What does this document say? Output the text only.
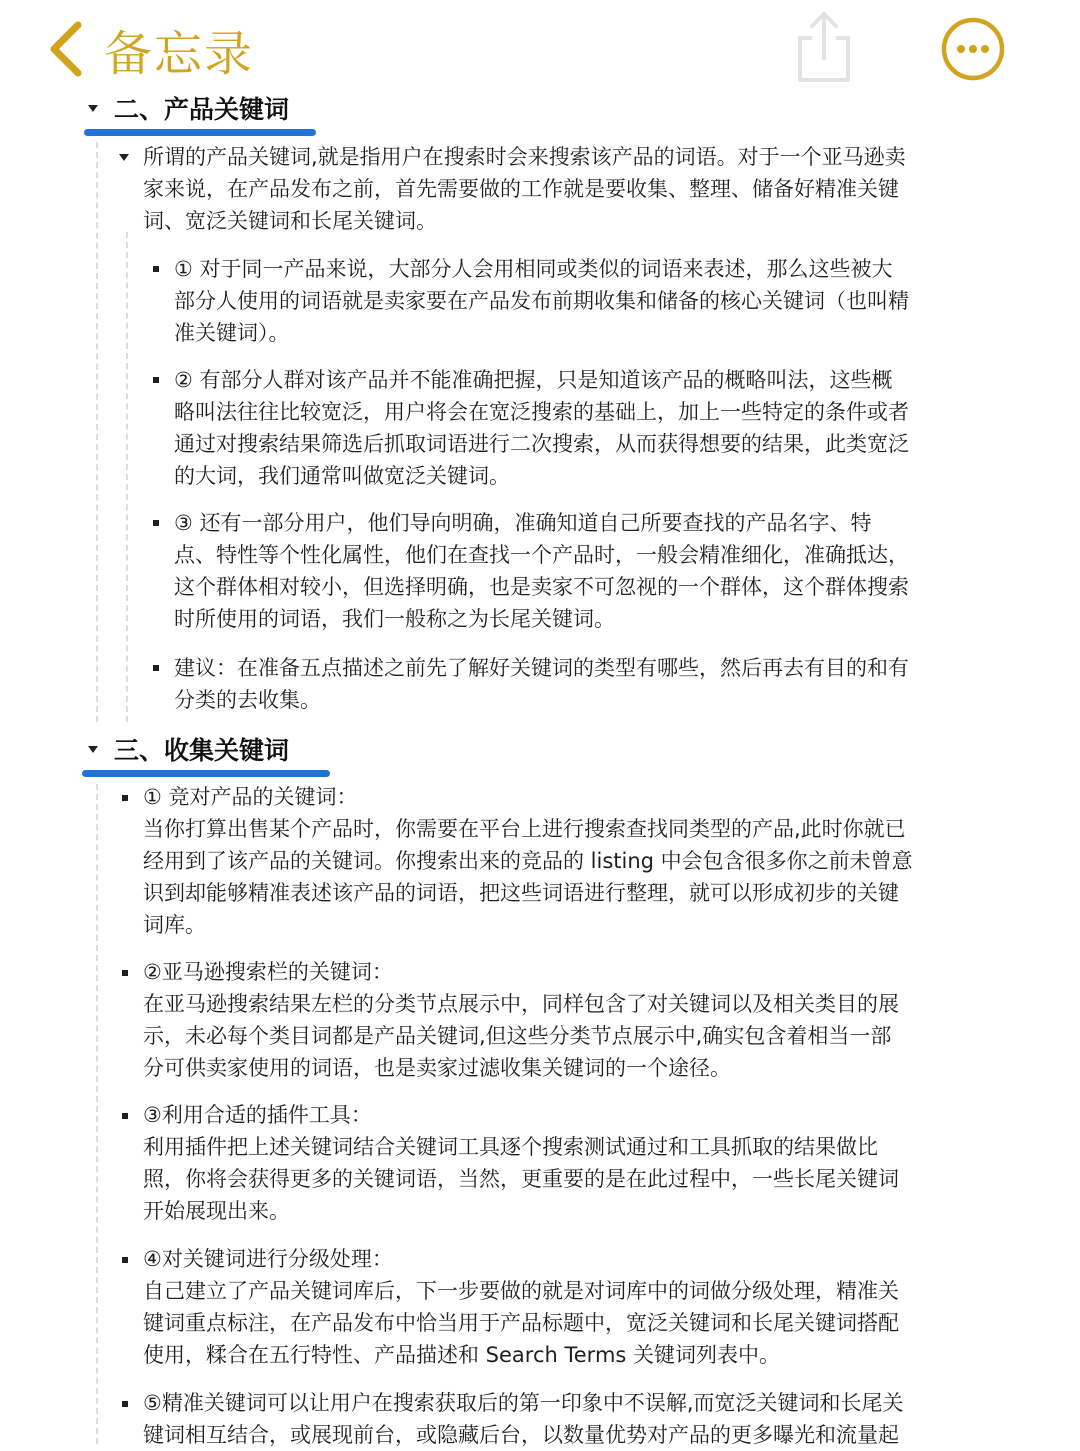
二、产品关键词
所谓的产品关键词,就是指用户在搜索时会来搜索该产品的词语。对于一个亚马逊卖
家来说，在产品发布之前，首先需要做的工作就是要收集、整理、储备好精准关键
词、宽泛关键词和长尾关键词。
① 对于同一产品来说，大部分人会用相同或类似的词语来表述，那么这些被大
部分人使用的词语就是卖家要在产品发布前期收集和储备的核心关键词（也叫精
准关键词）。
② 有部分人群对该产品并不能准确把握，只是知道该产品的概略叫法，这些概
略叫法往往比较宽泛，用户将会在宽泛搜索的基础上，加上一些特定的条件或者
通过对搜索结果筛选后抓取词语进行二次搜索，从而获得想要的结果，此类宽泛
的大词，我们通常叫做宽泛关键词。
③ 还有一部分用户，他们导向明确，准确知道自己所要查找的产品名字、特
点、特性等个性化属性，他们在查找一个产品时，一般会精准细化，准确抵达，
这个群体相对较小，但选择明确，也是卖家不可忽视的一个群体，这个群体搜索
时所使用的词语，我们一般称之为长尾关键词。
建议：在准备五点描述之前先了解好关键词的类型有哪些，然后再去有目的和有
分类的去收集。
三、收集关键词
① 竞对产品的关键词：
当你打算出售某个产品时，你需要在平台上进行搜索查找同类型的产品,此时你就已
经用到了该产品的关键词。你搜索出来的竞品的 listing 中会包含很多你之前未曾意
识到却能够精准表述该产品的词语，把这些词语进行整理，就可以形成初步的关键
词库。
②亚马逊搜索栏的关键词：
在亚马逊搜索结果左栏的分类节点展示中，同样包含了对关键词以及相关类目的展
示，未必每个类目词都是产品关键词,但这些分类节点展示中,确实包含着相当一部
分可供卖家使用的词语，也是卖家过滤收集关键词的一个途径。
③利用合适的插件工具：
利用插件把上述关键词结合关键词工具逐个搜索测试通过和工具抓取的结果做比
照，你将会获得更多的关键词语，当然，更重要的是在此过程中，一些长尾关键词
开始展现出来。
④对关键词进行分级处理：
自己建立了产品关键词库后，下一步要做的就是对词库中的词做分级处理，精准关
键词重点标注，在产品发布中恰当用于产品标题中，宽泛关键词和长尾关键词搭配
使用，糅合在五行特性、产品描述和 Search Terms 关键词列表中。
⑤精准关键词可以让用户在搜索获取后的第一印象中不误解,而宽泛关键词和长尾关
键词相互结合，或展现前台，或隐藏后台，以数量优势对产品的更多曝光和流量起
备忘录
